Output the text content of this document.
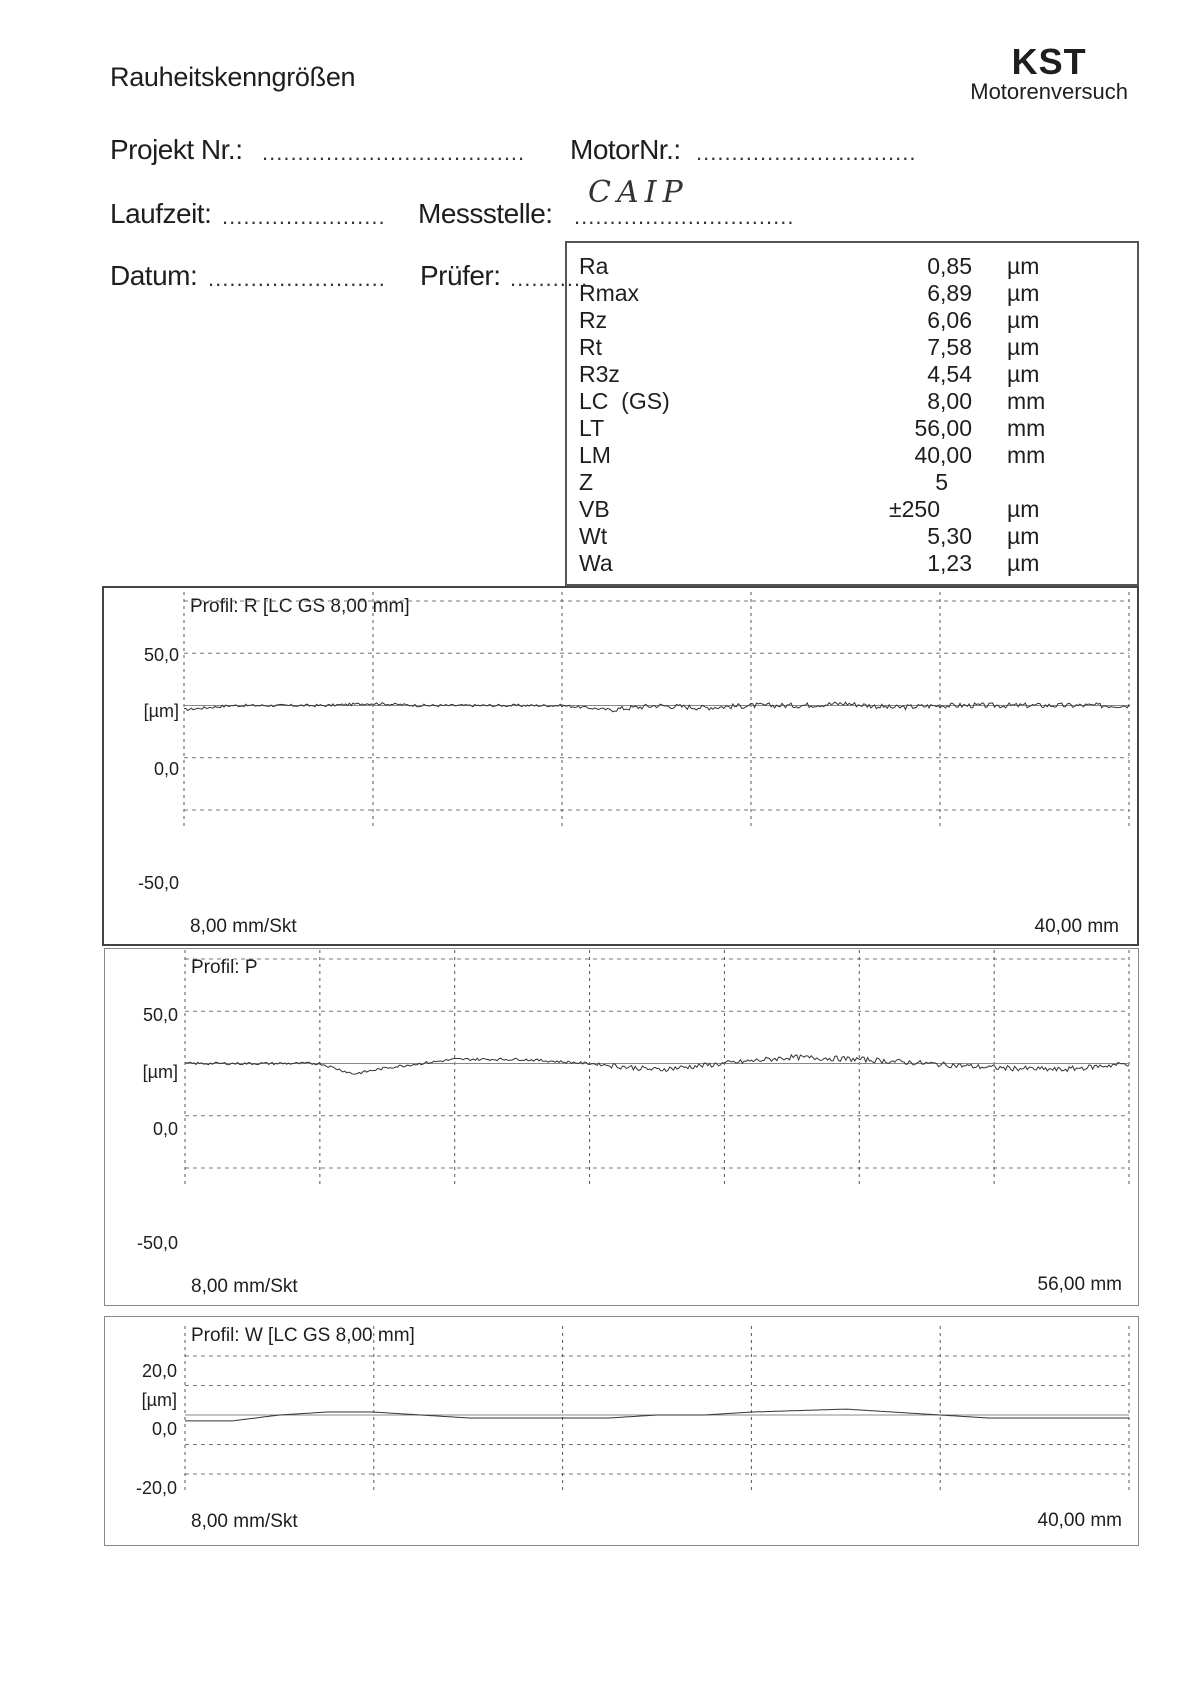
Rauheitskenngrößen	KST
Motorenversuch
Projekt Nr.: ..................................... MotorNr.: ...............................
Laufzeit: ....................... Messstelle: ...............................
CAIP
Datum: ......................... Prüfer: ...........
Ra	0,85 µm
Rmax	6,89 µm
Rz	6,06 µm
Rt	7,58 µm
R3z	4,54 µm
LC  (GS)	8,00 mm
LT	56,00 mm
LM	40,00 mm
Z	5
VB	±250	µm
Wt	5,30 µm
Wa	1,23 µm
Profil: R [LC GS 8,00 mm]
50,0
[µm]
0,0
-50,0
8,00 mm/Skt	40,00 mm
Profil: P
50,0
[µm]
0,0
-50,0
8,00 mm/Skt	56,00 mm
Profil: W [LC GS 8,00 mm]
20,0
[µm]
0,0
-20,0
8,00 mm/Skt	40,00 mm
